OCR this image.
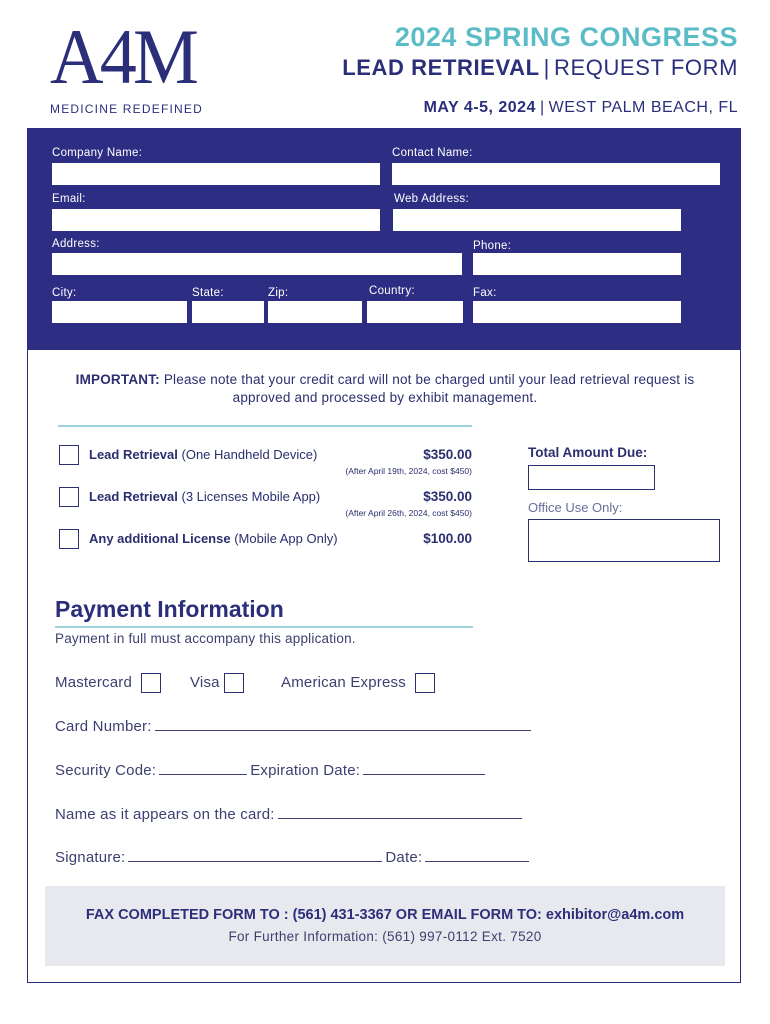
A4M
MEDICINE REDEFINED
2024 SPRING CONGRESS
LEAD RETRIEVAL | REQUEST FORM
MAY 4-5, 2024 | WEST PALM BEACH, FL
Company Name:	Contact Name:
Email:	Web Address:
Address:	Phone:
City:	State:	Zip:	Country:	Fax:
IMPORTANT: Please note that your credit card will not be charged until your lead retrieval request is approved and processed by exhibit management.
Lead Retrieval (One Handheld Device)	$350.00
(After April 19th, 2024, cost $450)
Lead Retrieval (3 Licenses Mobile App)	$350.00
(After April 26th, 2024, cost $450)
Any additional License (Mobile App Only)	$100.00
Total Amount Due:
Office Use Only:
Payment Information
Payment in full must accompany this application.
Mastercard	Visa	American Express
Card Number:
Security Code:	Expiration Date:
Name as it appears on the card:
Signature:	Date:
FAX COMPLETED FORM TO : (561) 431-3367 OR EMAIL FORM TO: exhibitor@a4m.com
For Further Information: (561) 997-0112 Ext. 7520
